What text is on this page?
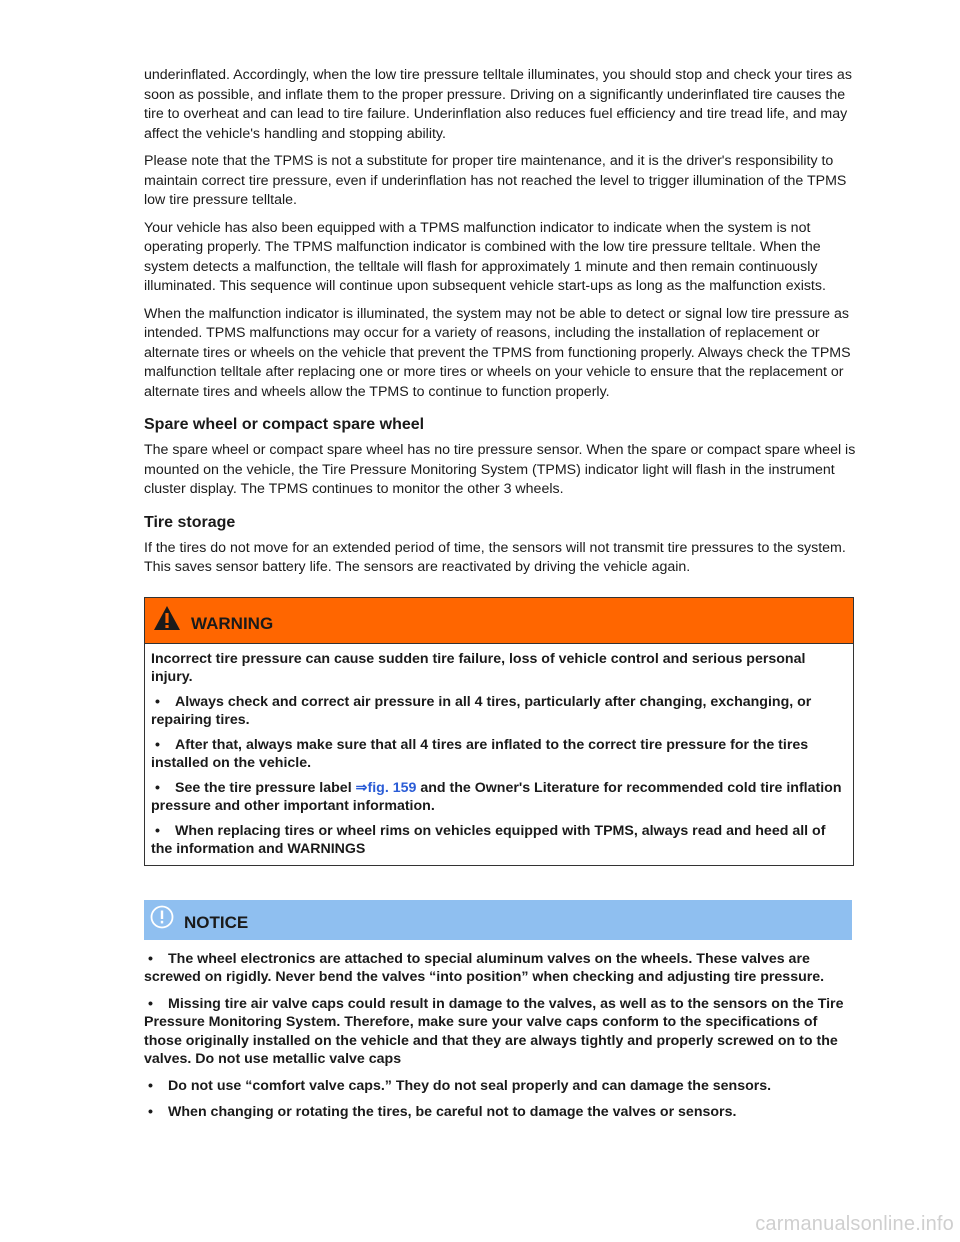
underinflated. Accordingly, when the low tire pressure telltale illuminates, you should stop and check your tires as soon as possible, and inflate them to the proper pressure. Driving on a significantly underinflated tire causes the tire to overheat and can lead to tire failure. Underinflation also reduces fuel efficiency and tire tread life, and may affect the vehicle's handling and stopping ability.

Please note that the TPMS is not a substitute for proper tire maintenance, and it is the driver's responsibility to maintain correct tire pressure, even if underinflation has not reached the level to trigger illumination of the TPMS low tire pressure telltale.

Your vehicle has also been equipped with a TPMS malfunction indicator to indicate when the system is not operating properly. The TPMS malfunction indicator is combined with the low tire pressure telltale. When the system detects a malfunction, the telltale will flash for approximately 1 minute and then remain continuously illuminated. This sequence will continue upon subsequent vehicle start-ups as long as the malfunction exists.

When the malfunction indicator is illuminated, the system may not be able to detect or signal low tire pressure as intended. TPMS malfunctions may occur for a variety of reasons, including the installation of replacement or alternate tires or wheels on the vehicle that prevent the TPMS from functioning properly. Always check the TPMS malfunction telltale after replacing one or more tires or wheels on your vehicle to ensure that the replacement or alternate tires and wheels allow the TPMS to continue to function properly.

Spare wheel or compact spare wheel

The spare wheel or compact spare wheel has no tire pressure sensor. When the spare or compact spare wheel is mounted on the vehicle, the Tire Pressure Monitoring System (TPMS) indicator light will flash in the instrument cluster display. The TPMS continues to monitor the other 3 wheels.

Tire storage

If the tires do not move for an extended period of time, the sensors will not transmit tire pressures to the system. This saves sensor battery life. The sensors are reactivated by driving the vehicle again.

WARNING

Incorrect tire pressure can cause sudden tire failure, loss of vehicle control and serious personal injury.

• Always check and correct air pressure in all 4 tires, particularly after changing, exchanging, or repairing tires.

• After that, always make sure that all 4 tires are inflated to the correct tire pressure for the tires installed on the vehicle.

• See the tire pressure label ⇒fig. 159 and the Owner's Literature for recommended cold tire inflation pressure and other important information.

• When replacing tires or wheel rims on vehicles equipped with TPMS, always read and heed all of the information and WARNINGS

NOTICE

• The wheel electronics are attached to special aluminum valves on the wheels. These valves are screwed on rigidly. Never bend the valves “into position” when checking and adjusting tire pressure.

• Missing tire air valve caps could result in damage to the valves, as well as to the sensors on the Tire Pressure Monitoring System. Therefore, make sure your valve caps conform to the specifications of those originally installed on the vehicle and that they are always tightly and properly screwed on to the valves. Do not use metallic valve caps

• Do not use “comfort valve caps.” They do not seal properly and can damage the sensors.

• When changing or rotating the tires, be careful not to damage the valves or sensors.

carmanualsonline.info
